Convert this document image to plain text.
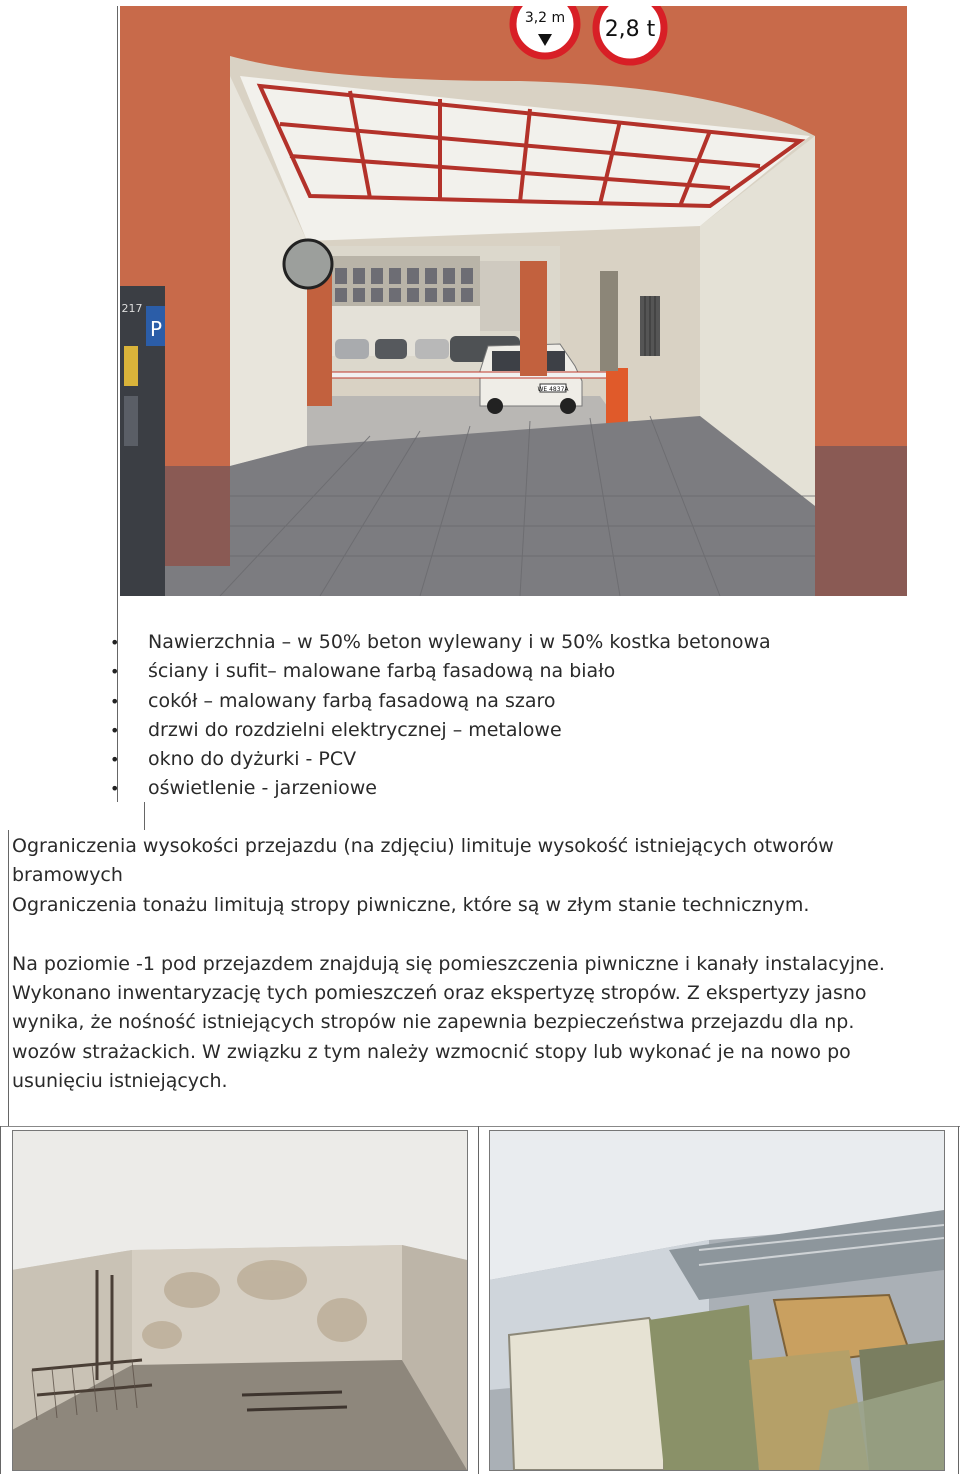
WE 4837A
3,2 m 2,8 t
P
217
• Nawierzchnia – w 50% beton wylewany i w 50% kostka betonowa
• ściany i sufit– malowane farbą fasadową na biało
• cokół – malowany farbą fasadową na szaro
• drzwi do rozdzielni elektrycznej – metalowe
• okno do dyżurki - PCV
• oświetlenie - jarzeniowe
Ograniczenia wysokości przejazdu (na zdjęciu) limituje wysokość istniejących otworów
bramowych
Ograniczenia tonażu limitują stropy piwniczne, które są w złym stanie technicznym.
Na poziomie -1 pod przejazdem znajdują się pomieszczenia piwniczne i kanały instalacyjne.
Wykonano inwentaryzację tych pomieszczeń oraz ekspertyzę stropów. Z ekspertyzy jasno
wynika, że nośność istniejących stropów nie zapewnia bezpieczeństwa przejazdu dla np.
wozów strażackich. W związku z tym należy wzmocnić stopy lub wykonać je na nowo po
usunięciu istniejących.
